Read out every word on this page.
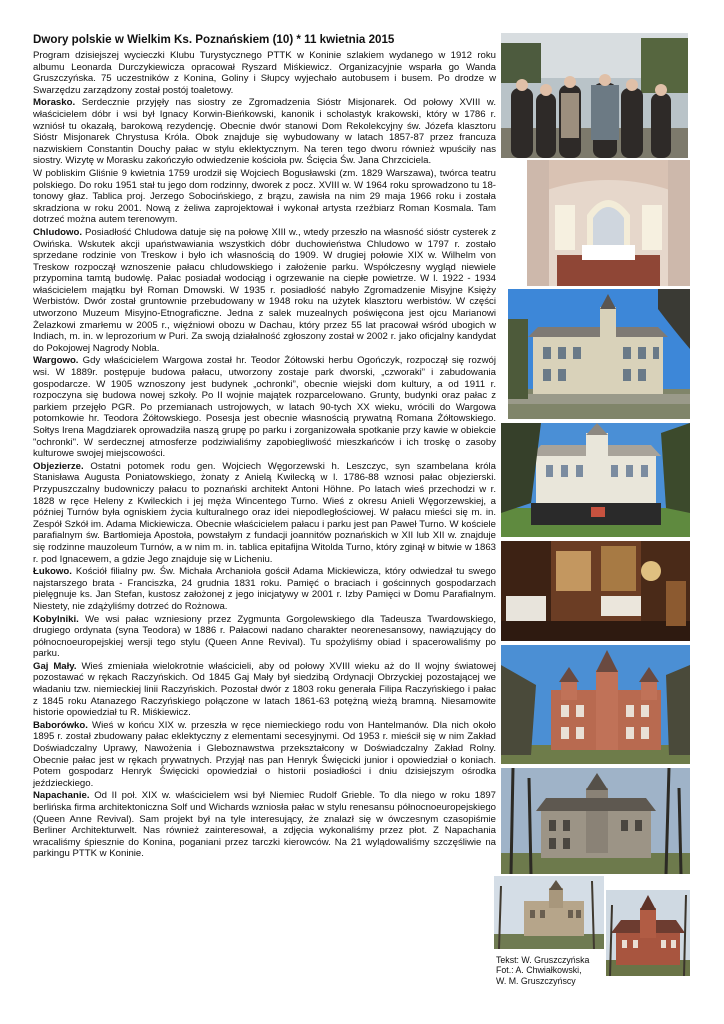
Dwory polskie w Wielkim Ks. Poznańskiem (10) * 11 kwietnia 2015

Program dzisiejszej wycieczki Klubu Turystycznego PTTK w Koninie szlakiem wydanego w 1912 roku albumu Leonarda Durczykiewicza opracował Ryszard Miśkiewicz. Organizacyjnie wsparła go Wanda Gruszczyńska. 75 uczestników z Konina, Goliny i Słupcy wyjechało autobusem i busem. Po drodze w Swarzędzu zarządzony został postój toaletowy.

Morasko. Serdecznie przyjęły nas siostry ze Zgromadzenia Sióstr Misjonarek. Od połowy XVIII w. właścicielem dóbr i wsi był Ignacy Korwin-Bieńkowski, kanonik i scholastyk krakowski, który w 1786 r. wzniósł tu okazałą, barokową rezydencję. Obecnie dwór stanowi Dom Rekolekcyjny św. Józefa klasztoru Sióstr Misjonarek Chrystusa Króla. Obok znajduje się wybudowany w latach 1857-87 przez francuza nazwiskiem Constantin Douchy pałac w stylu eklektycznym. Na teren tego dworu również wpuściły nas siostry. Wizytę w Morasku zakończyło odwiedzenie kościoła pw. Ścięcia Św. Jana Chrzciciela.

W pobliskim Gliśnie 9 kwietnia 1759 urodził się Wojciech Bogusławski (zm. 1829 Warszawa), twórca teatru polskiego. Do roku 1951 stał tu jego dom rodzinny, dworek z pocz. XVIII w. W 1964 roku sprowadzono tu 18-tonowy głaz. Tablica proj. Jerzego Sobocińskiego, z brązu, zawisła na nim 29 maja 1966 roku i została skradziona w roku 2001. Nową z żeliwa zaprojektował i wykonał artysta rzeźbiarz Roman Kosmala. Tam dotrzeć można autem terenowym.

Chludowo. Posiadłość Chludowa datuje się na połowę XIII w., wtedy przeszło na własność sióstr cysterek z Owińska. Wskutek akcji upaństwawiania wszystkich dóbr duchowieństwa Chludowo w 1797 r. zostało sprzedane rodzinie von Treskow i było ich własnością do 1909. W drugiej połowie XIX w. Wilhelm von Treskow rozpoczął wznoszenie pałacu chludowskiego i założenie parku. Współczesny wygląd niewiele przypomina tamtą budowlę. Pałac posiadał wodociąg i ogrzewanie na ciepłe powietrze. W l. 1922 - 1934 właścicielem majątku był Roman Dmowski. W 1935 r. posiadłość nabyło Zgromadzenie Misyjne Księży Werbistów. Dwór został gruntownie przebudowany w 1948 roku na użytek klasztoru werbistów. W części utworzono Muzeum Misyjno-Etnograficzne. Jedna z salek muzealnych poświęcona jest ojcu Marianowi Żelazkowi zmarłemu w 2005 r., więźniowi obozu w Dachau, który przez 55 lat pracował wśród ubogich w Indiach, m. in. w leprozorium w Puri. Za swoją działalność zgłoszony został w 2002 r. jako oficjalny kandydat do Pokojowej Nagrody Nobla.

Wargowo. Gdy właścicielem Wargowa został hr. Teodor Żółtowski herbu Ogończyk, rozpoczął się rozwój wsi. W 1889r. postępuje budowa pałacu, utworzony zostaje park dworski, „czworaki” i zabudowania gospodarcze. W 1905 wznoszony jest budynek „ochronki”, obecnie wiejski dom kultury, a od 1911 r. rozpoczyna się budowa nowej szkoły. Po II wojnie majątek rozparcelowano. Grunty, budynki oraz pałac z parkiem przejęło PGR. Po przemianach ustrojowych, w latach 90-tych XX wieku, wrócili do Wargowa potomkowie hr. Teodora Żółtowskiego. Posesja jest obecnie własnością prywatną Romana Żółtowskiego. Sołtys Irena Magdziarek oprowadziła naszą grupę po parku i zorganizowała spotkanie przy kawie w obiekcie "ochronki". W serdecznej atmosferze podziwialiśmy zapobiegliwość mieszkańców i ich troskę o zasoby kulturowe swojej miejscowości.

Objezierze. Ostatni potomek rodu gen. Wojciech Węgorzewski h. Leszczyc, syn szambelana króla Stanisława Augusta Poniatowskiego, żonaty z Anielą Kwilecką w l. 1786-88 wznosi pałac objezierski. Przypuszczalny budowniczy pałacu to poznański architekt Antoni Höhne. Po latach wieś przechodzi w r. 1828 w ręce Heleny z Kwileckich i jej męża Wincentego Turno. Wieś z okresu Anieli Węgorzewskiej, a później Turnów była ogniskiem życia kulturalnego oraz idei niepodległościowej. W pałacu mieści się m. in. Zespół Szkół im. Adama Mickiewicza. Obecnie właścicielem pałacu i parku jest pan Paweł Turno. W kościele parafialnym św. Bartłomieja Apostoła, powstałym z fundacji joannitów poznańskich w XII lub XII w. znajduje się rodzinne mauzoleum Turnów, a w nim m. in. tablica epitafijna Witolda Turno, który zginął w bitwie w 1863 r. pod Ignacewem, a gdzie Jego znajduje się w Licheniu.

Łukowo. Kościół filialny pw. Św. Michała Archanioła gościł Adama Mickiewicza, który odwiedzał tu swego najstarszego brata - Franciszka, 24 grudnia 1831 roku. Pamięć o braciach i gościnnych gospodarzach pielęgnuje ks. Jan Stefan, kustosz założonej z jego inicjatywy w 2001 r. Izby Pamięci w Domu Parafialnym. Niestety, nie zdążyliśmy dotrzeć do Rożnowa.

Kobylniki. We wsi pałac wzniesiony przez Zygmunta Gorgolewskiego dla Tadeusza Twardowskiego, drugiego ordynata (syna Teodora) w 1886 r. Pałacowi nadano charakter neorenesansowy, nawiązujący do północnoeuropejskiej wersji tego stylu (Queen Anne Revival). Tu spożyliśmy obiad i spacerowaliśmy po parku.

Gaj Mały. Wieś zmieniała wielokrotnie właścicieli, aby od połowy XVIII wieku aż do II wojny światowej pozostawać w rękach Raczyńskich. Od 1845 Gaj Mały był siedzibą Ordynacji Obrzyckiej pozostającej we władaniu tzw. niemieckiej linii Raczyńskich. Pozostał dwór z 1803 roku generała Filipa Raczyńskiego i pałac z 1845 roku Atanazego Raczyńskiego połączone w latach 1861-63 potężną wieżą bramną. Niesamowite historie opowiedział tu R. Miśkiewicz.

Baborówko. Wieś w końcu XIX w. przeszła w ręce niemieckiego rodu von Hantelmanów. Dla nich około 1895 r. został zbudowany pałac eklektyczny z elementami secesyjnymi. Od 1953 r. mieścił się w nim Zakład Doświadczalny Uprawy, Nawożenia i Gleboznawstwa przekształcony w Doświadczalny Zakład Rolny. Obecnie pałac jest w rękach prywatnych. Przyjął nas pan Henryk Święcicki junior i opowiedział o koniach. Potem gospodarz Henryk Święcicki opowiedział o historii posiadłości i dniu dzisiejszym ośrodka jeździeckiego.

Napachanie. Od II poł. XIX w. właścicielem wsi był Niemiec Rudolf Grieble. To dla niego w roku 1897 berlińska firma architektoniczna Solf und Wichards wzniosła pałac w stylu renesansu północnoeuropejskiego (Queen Anne Revival). Sam projekt był na tyle interesujący, że znalazł się w ówczesnym czasopiśmie Berliner Architekturwelt. Nas również zainteresował, a zdjęcia wykonaliśmy przez płot. Z Napachania wracaliśmy śpiesznie do Konina, poganiani przez tarczki kierowców. Na 21 wylądowaliśmy szczęśliwie na parkingu PTTK w Koninie.

Tekst: W. Gruszczyńska
Fot.: A. Chwiałkowski,
W. M. Gruszczyńscy
